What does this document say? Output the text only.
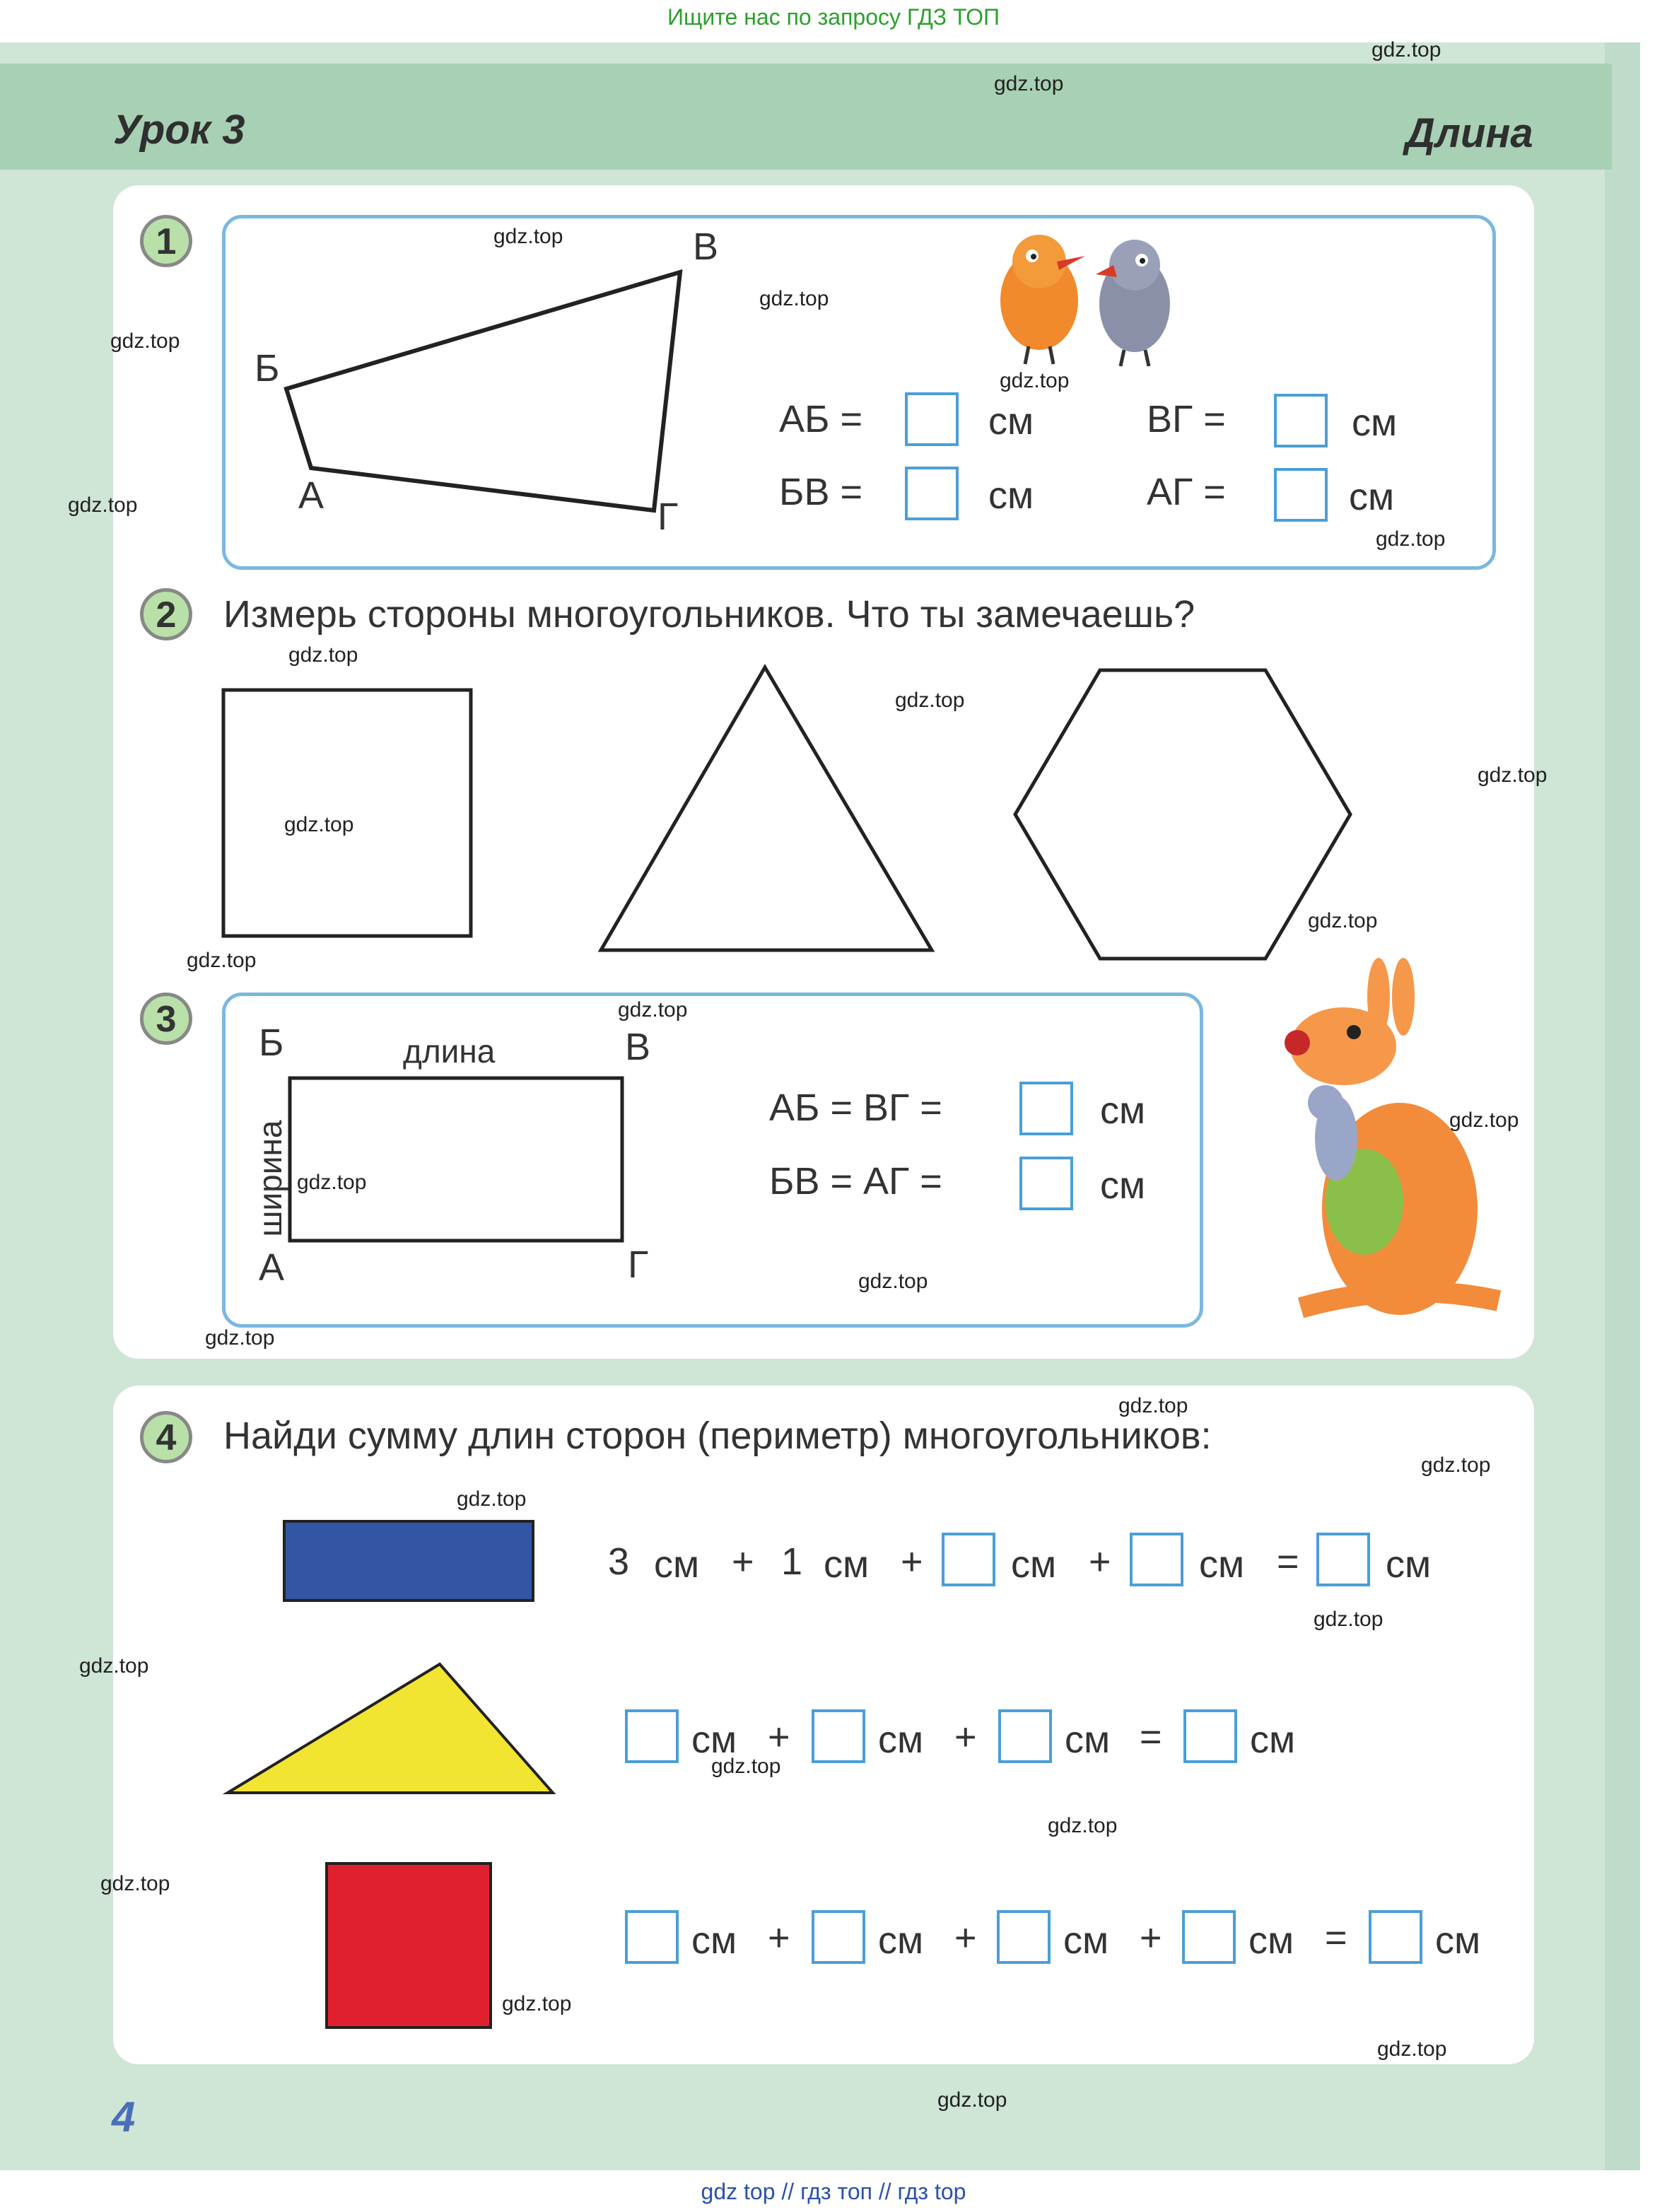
Ищите нас по запросу ГДЗ ТОП
Урок 3	Длина
1
Б
В
А	Г
АБ =	см
БВ =	см
ВГ =	см
АГ =	см
2	Измерь стороны многоугольников. Что ты замечаешь?
3
Б	В
А	Г
длина
ширина
АБ = ВГ =	см
БВ = АГ =	см
4	Найди сумму длин сторон (периметр) многоугольников:
3 см + 1 см + см + см = см
см + см + см = см
см + см + см + см = см
4
gdz.top
gdz.top
gdz.top
gdz.top
gdz.top
gdz.top
gdz.top
gdz.top
gdz.top
gdz.top
gdz.top
gdz.top
gdz.top
gdz.top
gdz.top
gdz.top
gdz.top
gdz.top
gdz.top
gdz.top
gdz.top
gdz.top
gdz.top
gdz.top
gdz.top
gdz.top
gdz.top
gdz.top
gdz.top
gdz.top
gdz top // гдз топ // гдз top
